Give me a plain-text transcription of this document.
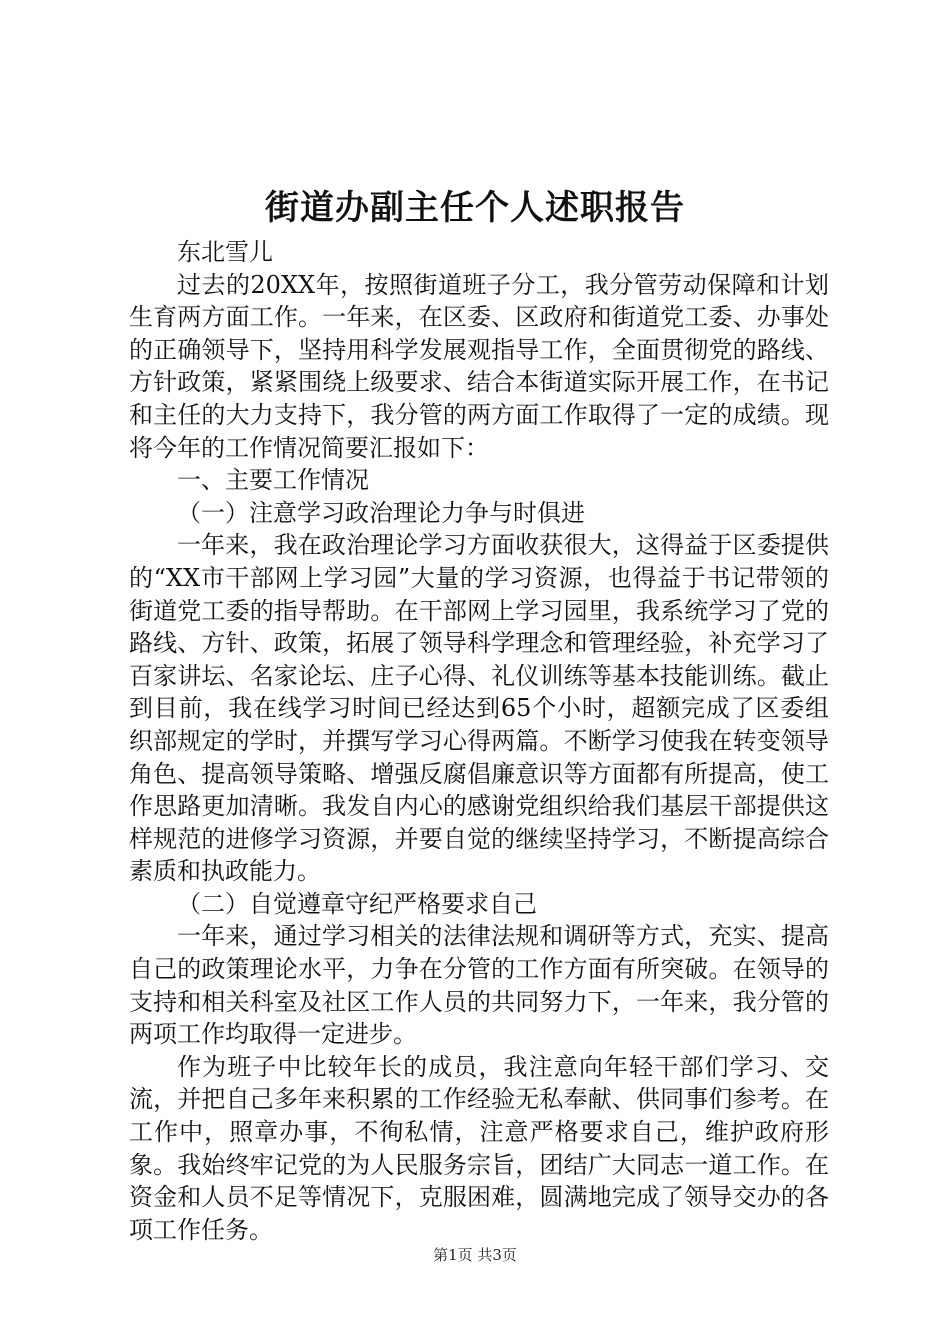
街道办副主任个人述职报告

东北雪儿

过去的20XX年，按照街道班子分工，我分管劳动保障和计划生育两方面工作。一年来，在区委、区政府和街道党工委、办事处的正确领导下，坚持用科学发展观指导工作，全面贯彻党的路线、方针政策，紧紧围绕上级要求、结合本街道实际开展工作，在书记和主任的大力支持下，我分管的两方面工作取得了一定的成绩。现将今年的工作情况简要汇报如下：

一、主要工作情况

（一）注意学习政治理论力争与时俱进

一年来，我在政治理论学习方面收获很大，这得益于区委提供的“XX市干部网上学习园”大量的学习资源，也得益于书记带领的街道党工委的指导帮助。在干部网上学习园里，我系统学习了党的路线、方针、政策，拓展了领导科学理念和管理经验，补充学习了百家讲坛、名家论坛、庄子心得、礼仪训练等基本技能训练。截止到目前，我在线学习时间已经达到65个小时，超额完成了区委组织部规定的学时，并撰写学习心得两篇。不断学习使我在转变领导角色、提高领导策略、增强反腐倡廉意识等方面都有所提高，使工作思路更加清晰。我发自内心的感谢党组织给我们基层干部提供这样规范的进修学习资源，并要自觉的继续坚持学习，不断提高综合素质和执政能力。

（二）自觉遵章守纪严格要求自己

一年来，通过学习相关的法律法规和调研等方式，充实、提高自己的政策理论水平，力争在分管的工作方面有所突破。在领导的支持和相关科室及社区工作人员的共同努力下，一年来，我分管的两项工作均取得一定进步。

作为班子中比较年长的成员，我注意向年轻干部们学习、交流，并把自己多年来积累的工作经验无私奉献、供同事们参考。在工作中，照章办事，不徇私情，注意严格要求自己，维护政府形象。我始终牢记党的为人民服务宗旨，团结广大同志一道工作。在资金和人员不足等情况下，克服困难，圆满地完成了领导交办的各项工作任务。

第1页 共3页
